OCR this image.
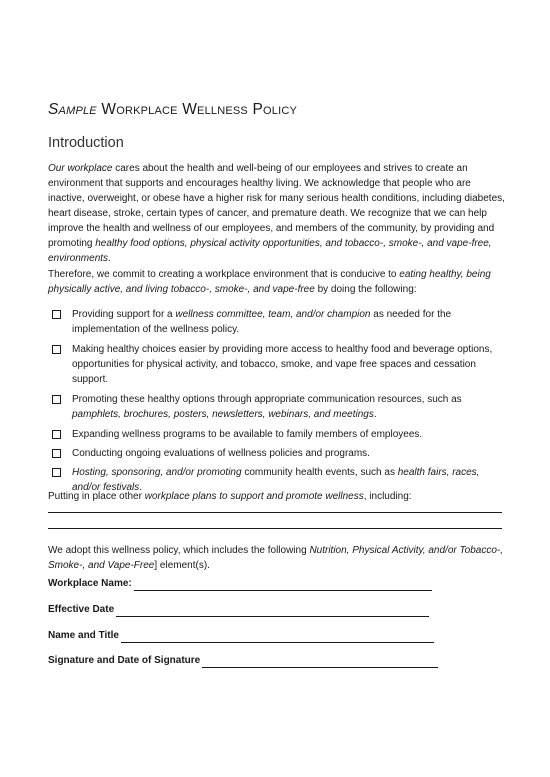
Sample Workplace Wellness Policy
Introduction
Our workplace cares about the health and well-being of our employees and strives to create an environment that supports and encourages healthy living. We acknowledge that people who are inactive, overweight, or obese have a higher risk for many serious health conditions, including diabetes, heart disease, stroke, certain types of cancer, and premature death. We recognize that we can help improve the health and wellness of our employees, and members of the community, by providing and promoting healthy food options, physical activity opportunities, and tobacco-, smoke-, and vape-free, environments.
Therefore, we commit to creating a workplace environment that is conducive to eating healthy, being physically active, and living tobacco-, smoke-, and vape-free by doing the following:
Providing support for a wellness committee, team, and/or champion as needed for the implementation of the wellness policy.
Making healthy choices easier by providing more access to healthy food and beverage options, opportunities for physical activity, and tobacco, smoke, and vape free spaces and cessation support.
Promoting these healthy options through appropriate communication resources, such as pamphlets, brochures, posters, newsletters, webinars, and meetings.
Expanding wellness programs to be available to family members of employees.
Conducting ongoing evaluations of wellness policies and programs.
Hosting, sponsoring, and/or promoting community health events, such as health fairs, races, and/or festivals.
Putting in place other workplace plans to support and promote wellness, including:
We adopt this wellness policy, which includes the following Nutrition, Physical Activity, and/or Tobacco-, Smoke-, and Vape-Free] element(s).
Workplace Name:
Effective Date
Name and Title
Signature and Date of Signature
